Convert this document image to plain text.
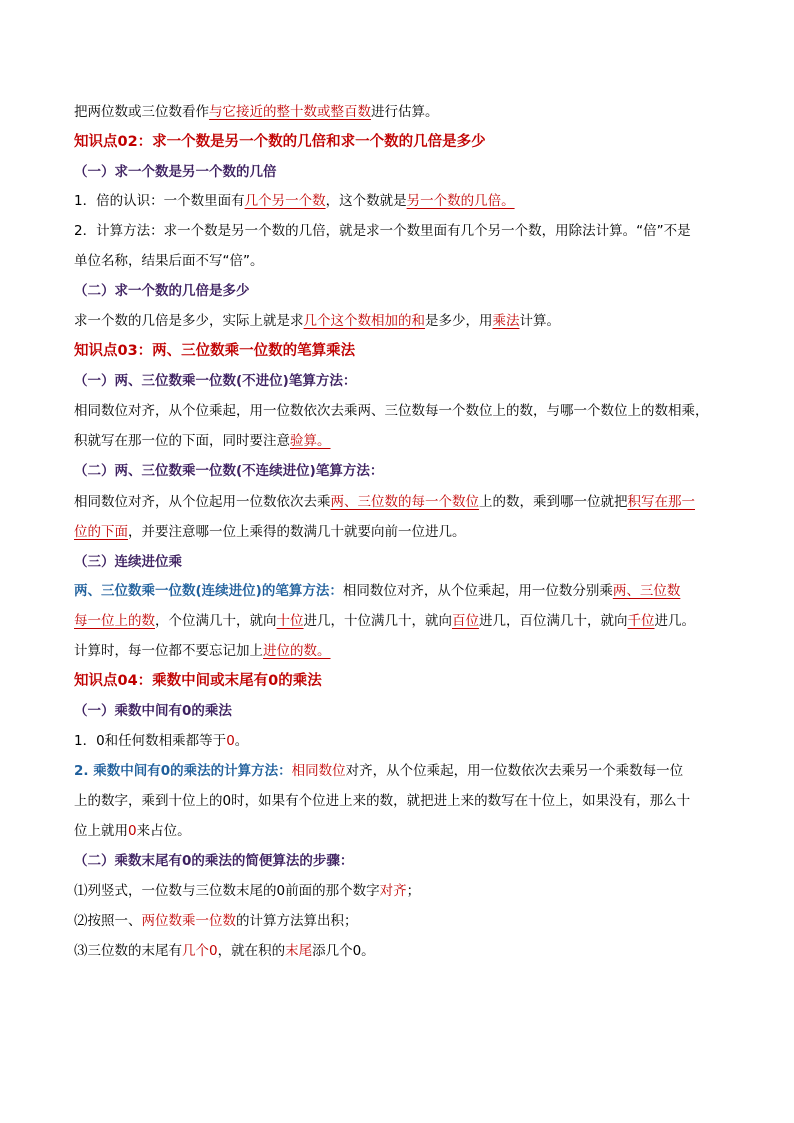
把两位数或三位数看作与它接近的整十数或整百数进行估算。
知识点02：求一个数是另一个数的几倍和求一个数的几倍是多少
（一）求一个数是另一个数的几倍
1．倍的认识：一个数里面有几个另一个数，这个数就是另一个数的几倍。
2．计算方法：求一个数是另一个数的几倍，就是求一个数里面有几个另一个数，用除法计算。“倍”不是
单位名称，结果后面不写“倍”。
（二）求一个数的几倍是多少
求一个数的几倍是多少，实际上就是求几个这个数相加的和是多少，用乘法计算。
知识点03：两、三位数乘一位数的笔算乘法
（一）两、三位数乘一位数(不进位)笔算方法：
相同数位对齐，从个位乘起，用一位数依次去乘两、三位数每一个数位上的数，与哪一个数位上的数相乘，
积就写在那一位的下面，同时要注意验算。
（二）两、三位数乘一位数(不连续进位)笔算方法：
相同数位对齐，从个位起用一位数依次去乘两、三位数的每一个数位上的数，乘到哪一位就把积写在那一
位的下面，并要注意哪一位上乘得的数满几十就要向前一位进几。
（三）连续进位乘
两、三位数乘一位数(连续进位)的笔算方法：相同数位对齐，从个位乘起，用一位数分别乘两、三位数
每一位上的数，个位满几十，就向十位进几，十位满几十，就向百位进几，百位满几十，就向千位进几。
计算时，每一位都不要忘记加上进位的数。
知识点04：乘数中间或末尾有0的乘法
（一）乘数中间有0的乘法
1．0和任何数相乘都等于0。
2. 乘数中间有0的乘法的计算方法：相同数位对齐，从个位乘起，用一位数依次去乘另一个乘数每一位
上的数字，乘到十位上的0时，如果有个位进上来的数，就把进上来的数写在十位上，如果没有，那么十
位上就用0来占位。
（二）乘数末尾有0的乘法的简便算法的步骤：
⑴列竖式，一位数与三位数末尾的0前面的那个数字对齐；
⑵按照一、两位数乘一位数的计算方法算出积；
⑶三位数的末尾有几个0，就在积的末尾添几个0。
